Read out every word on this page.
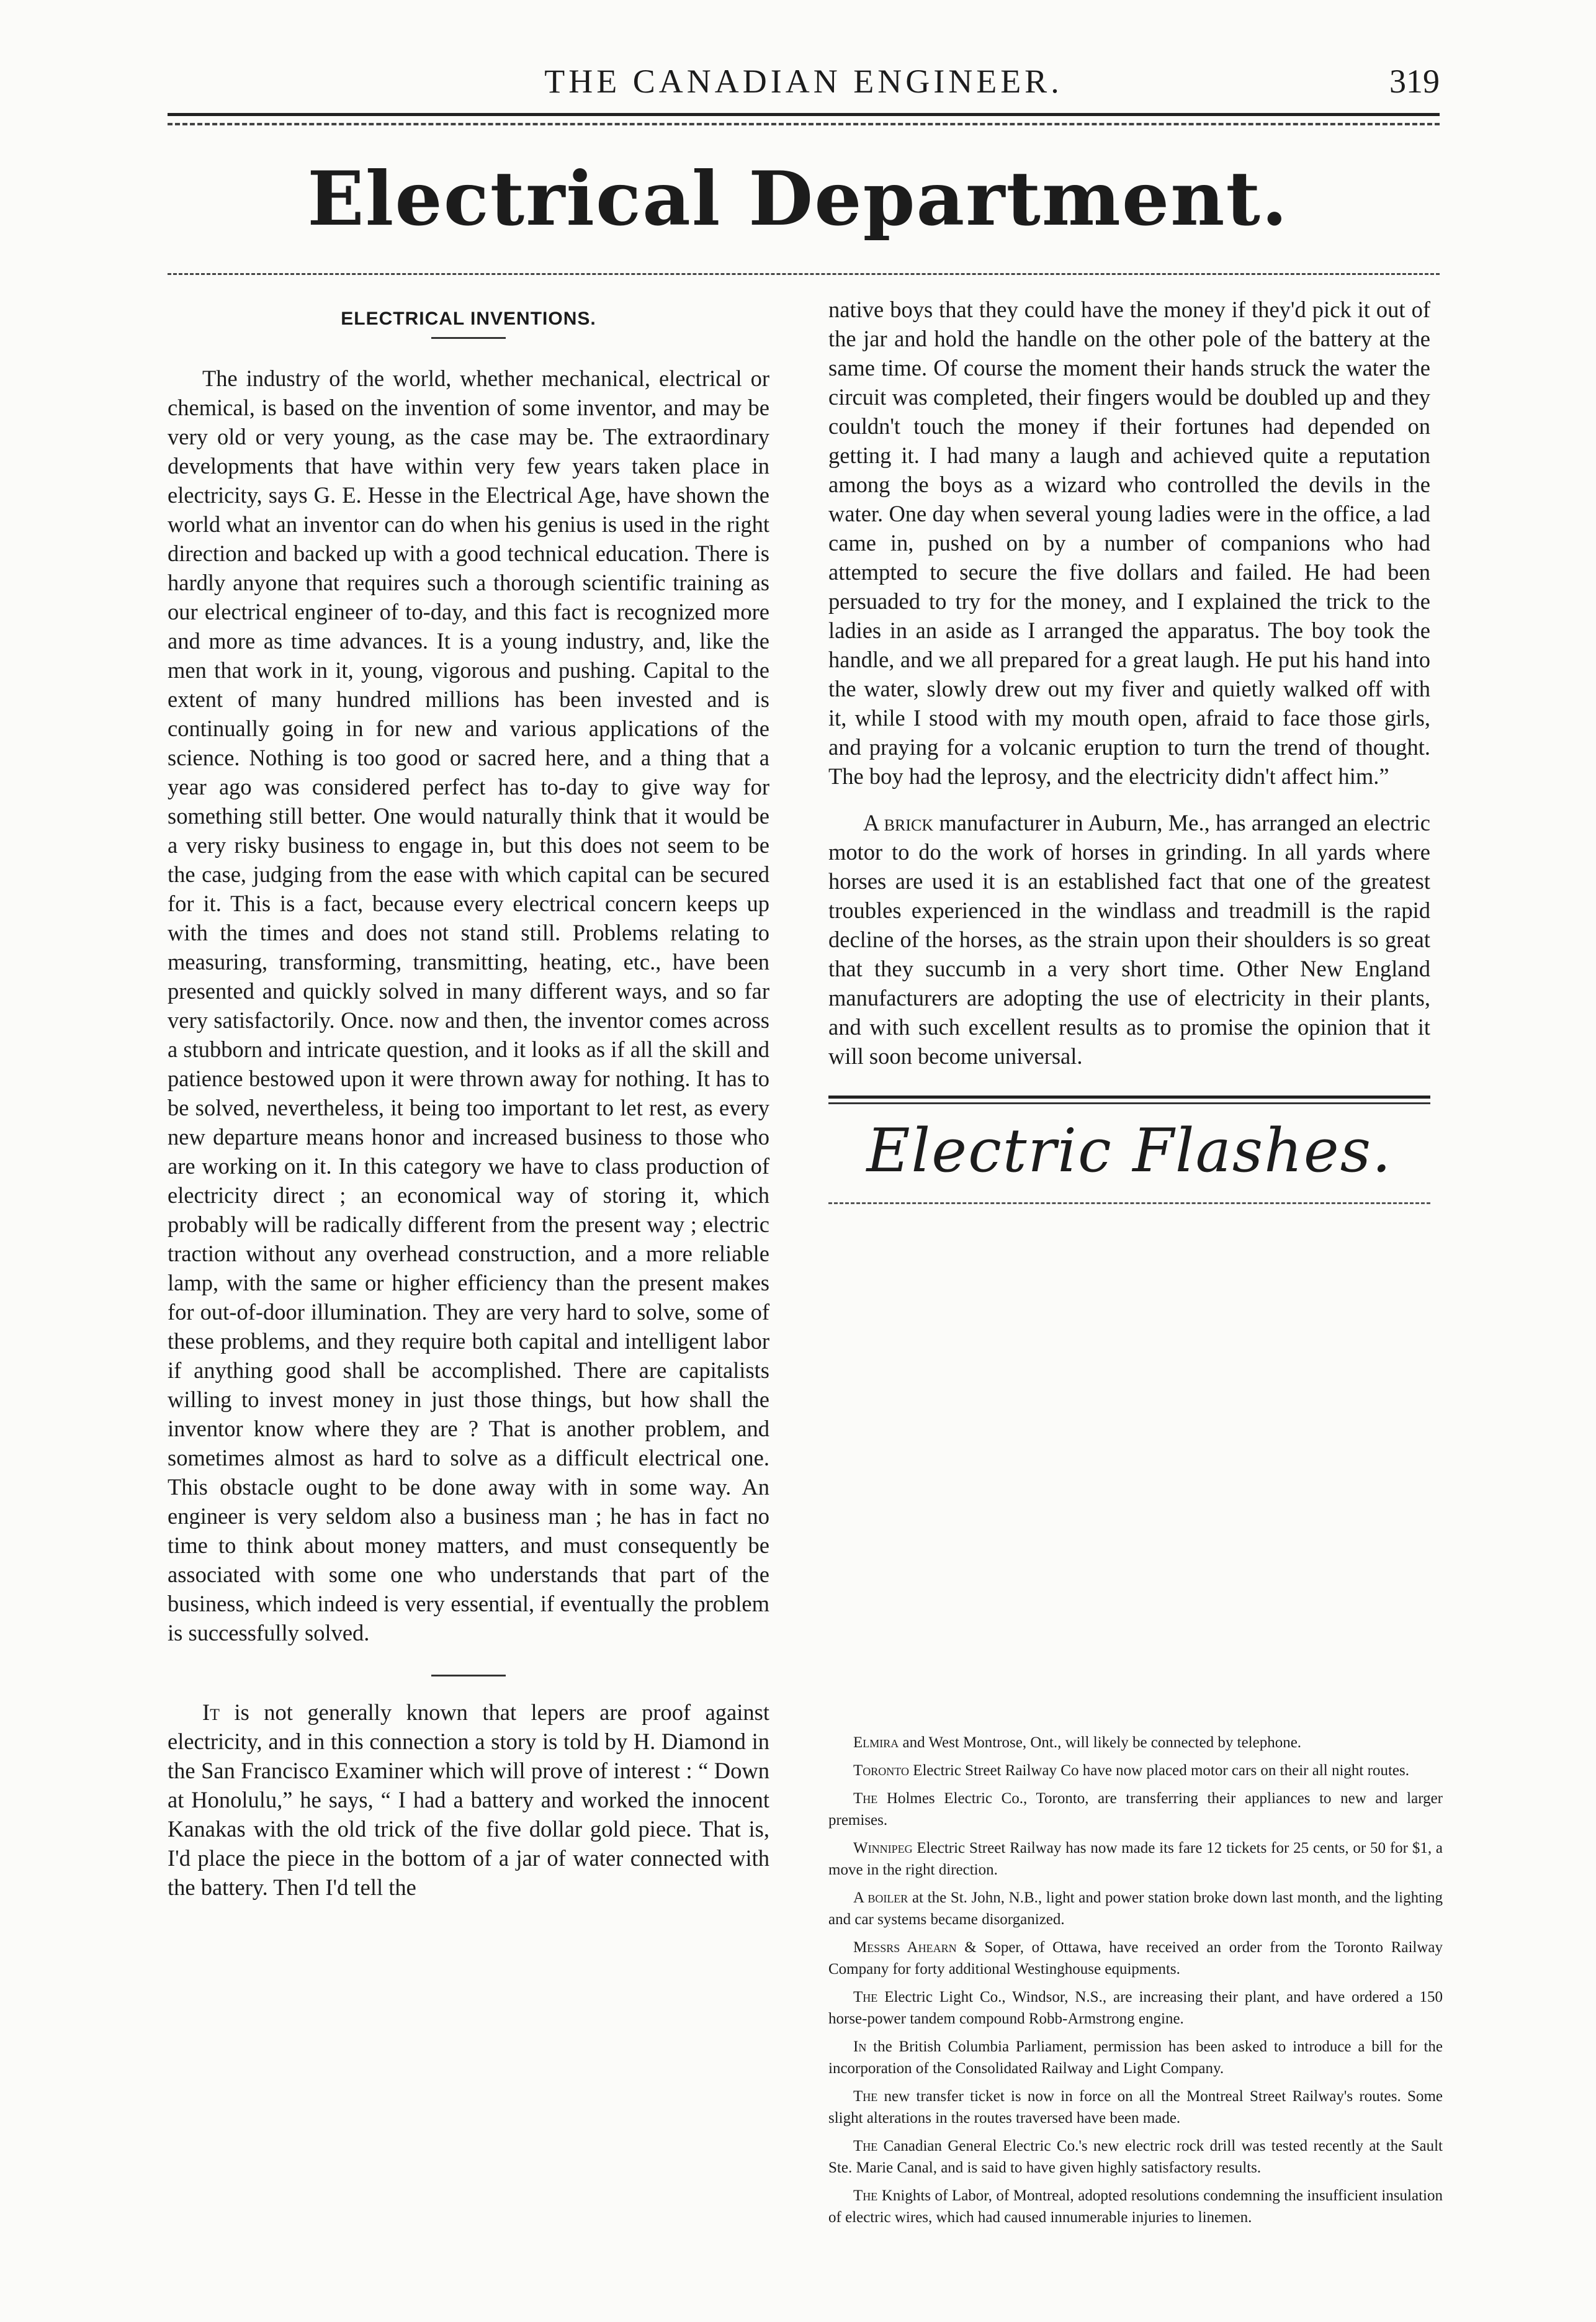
THE CANADIAN ENGINEER.	319
Electrical Department.
ELECTRICAL INVENTIONS.

The industry of the world, whether mechanical, electrical or chemical, is based on the invention of some inventor, and may be very old or very young, as the case may be. The extraordinary developments that have within very few years taken place in electricity, says G. E. Hesse in the Electrical Age, have shown the world what an inventor can do when his genius is used in the right direction and backed up with a good technical education. There is hardly anyone that requires such a thorough scientific training as our electrical engineer of to-day, and this fact is recognized more and more as time advances. It is a young industry, and, like the men that work in it, young, vigorous and pushing. Capital to the extent of many hundred millions has been invested and is continually going in for new and various applications of the science. Nothing is too good or sacred here, and a thing that a year ago was considered perfect has to-day to give way for something still better. One would naturally think that it would be a very risky business to engage in, but this does not seem to be the case, judging from the ease with which capital can be secured for it. This is a fact, because every electrical concern keeps up with the times and does not stand still. Problems relating to measuring, transforming, transmitting, heating, etc., have been presented and quickly solved in many different ways, and so far very satisfactorily. Once. now and then, the inventor comes across a stubborn and intricate question, and it looks as if all the skill and patience bestowed upon it were thrown away for nothing. It has to be solved, nevertheless, it being too important to let rest, as every new departure means honor and increased business to those who are working on it. In this category we have to class production of electricity direct ; an economical way of storing it, which probably will be radically different from the present way ; electric traction without any overhead construction, and a more reliable lamp, with the same or higher efficiency than the present makes for out-of-door illumination. They are very hard to solve, some of these problems, and they require both capital and intelligent labor if anything good shall be accomplished. There are capitalists willing to invest money in just those things, but how shall the inventor know where they are ? That is another problem, and sometimes almost as hard to solve as a difficult electrical one. This obstacle ought to be done away with in some way. An engineer is very seldom also a business man ; he has in fact no time to think about money matters, and must consequently be associated with some one who understands that part of the business, which indeed is very essential, if eventually the problem is successfully solved.

It is not generally known that lepers are proof against electricity, and in this connection a story is told by H. Diamond in the San Francisco Examiner which will prove of interest : “ Down at Honolulu,” he says, “ I had a battery and worked the innocent Kanakas with the old trick of the five dollar gold piece. That is, I'd place the piece in the bottom of a jar of water connected with the battery. Then I'd tell the

native boys that they could have the money if they'd pick it out of the jar and hold the handle on the other pole of the battery at the same time. Of course the moment their hands struck the water the circuit was completed, their fingers would be doubled up and they couldn't touch the money if their fortunes had depended on getting it. I had many a laugh and achieved quite a reputation among the boys as a wizard who controlled the devils in the water. One day when several young ladies were in the office, a lad came in, pushed on by a number of companions who had attempted to secure the five dollars and failed. He had been persuaded to try for the money, and I explained the trick to the ladies in an aside as I arranged the apparatus. The boy took the handle, and we all prepared for a great laugh. He put his hand into the water, slowly drew out my fiver and quietly walked off with it, while I stood with my mouth open, afraid to face those girls, and praying for a volcanic eruption to turn the trend of thought. The boy had the leprosy, and the electricity didn't affect him.”

A brick manufacturer in Auburn, Me., has arranged an electric motor to do the work of horses in grinding. In all yards where horses are used it is an established fact that one of the greatest troubles experienced in the windlass and treadmill is the rapid decline of the horses, as the strain upon their shoulders is so great that they succumb in a very short time. Other New England manufacturers are adopting the use of electricity in their plants, and with such excellent results as to promise the opinion that it will soon become universal.

Electric Flashes.

Elmira and West Montrose, Ont., will likely be connected by telephone.

Toronto Electric Street Railway Co have now placed motor cars on their all night routes.

The Holmes Electric Co., Toronto, are transferring their appliances to new and larger premises.

Winnipeg Electric Street Railway has now made its fare 12 tickets for 25 cents, or 50 for $1, a move in the right direction.

A boiler at the St. John, N.B., light and power station broke down last month, and the lighting and car systems became disorganized.

Messrs Ahearn & Soper, of Ottawa, have received an order from the Toronto Railway Company for forty additional Westinghouse equipments.

The Electric Light Co., Windsor, N.S., are increasing their plant, and have ordered a 150 horse-power tandem compound Robb-Armstrong engine.

In the British Columbia Parliament, permission has been asked to introduce a bill for the incorporation of the Consolidated Railway and Light Company.

The new transfer ticket is now in force on all the Montreal Street Railway's routes. Some slight alterations in the routes traversed have been made.

The Canadian General Electric Co.'s new electric rock drill was tested recently at the Sault Ste. Marie Canal, and is said to have given highly satisfactory results.

The Knights of Labor, of Montreal, adopted resolutions condemning the insufficient insulation of electric wires, which had caused innumerable injuries to linemen.
